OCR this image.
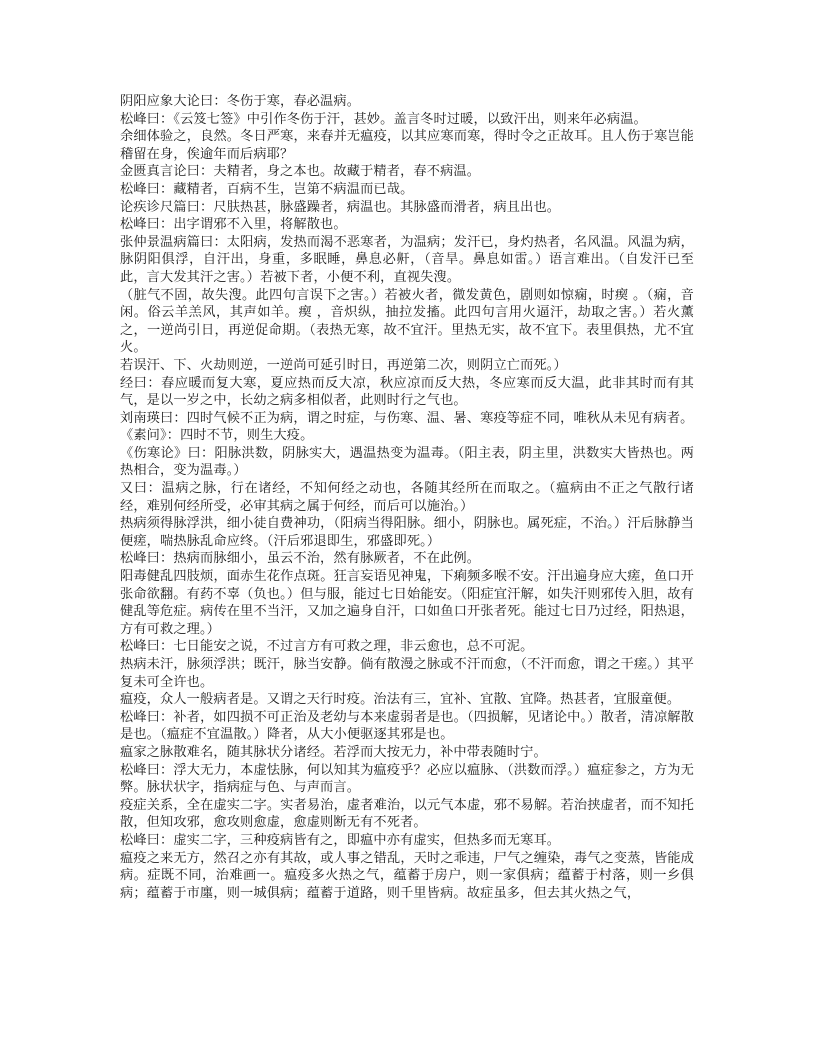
阴阳应象大论曰：冬伤于寒，春必温病。

松峰曰：《云笈七签》中引作冬伤于汗，甚妙。盖言冬时过暖，以致汗出，则来年必病温。

余细体验之，良然。冬日严寒，来春并无瘟疫，以其应寒而寒，得时令之正故耳。且人伤于寒岂能稽留在身，俟逾年而后病耶？

金匮真言论曰：夫精者，身之本也。故藏于精者，春不病温。

松峰曰：藏精者，百病不生，岂第不病温而已哉。

论疾诊尺篇曰：尺肤热甚，脉盛躁者，病温也。其脉盛而滑者，病且出也。

松峰曰：出字谓邪不入里，将解散也。

张仲景温病篇曰：太阳病，发热而渴不恶寒者，为温病；发汗已，身灼热者，名风温。风温为病，脉阴阳俱浮，自汗出，身重，多眠睡，鼻息必鼾，（音旱。鼻息如雷。）语言难出。（自发汗已至此，言大发其汗之害。）若被下者，小便不利，直视失溲。

（脏气不固，故失溲。此四句言误下之害。）若被火者，微发黄色，剧则如惊痫，时瘈 。（痫，音闲。俗云羊羔风，其声如羊。瘈 ，音炽纵，抽拉发搐。此四句言用火逼汗，劫取之害。）若火薰之，一逆尚引日，再逆促命期。（表热无寒，故不宜汗。里热无实，故不宜下。表里俱热，尤不宜火。

若误汗、下、火劫则逆，一逆尚可延引时日，再逆第二次，则阴立亡而死。）

经曰：春应暖而复大寒，夏应热而反大凉，秋应凉而反大热，冬应寒而反大温，此非其时而有其气，是以一岁之中，长幼之病多相似者，此则时行之气也。

刘南瑛曰：四时气候不正为病，谓之时症，与伤寒、温、暑、寒疫等症不同，唯秋从未见有病者。

《素问》：四时不节，则生大疫。

《伤寒论》曰：阳脉洪数，阴脉实大，遇温热变为温毒。（阳主表，阴主里，洪数实大皆热也。两热相合，变为温毒。）

又曰：温病之脉，行在诸经，不知何经之动也，各随其经所在而取之。（瘟病由不正之气散行诸经，难别何经所受，必审其病之属于何经，而后可以施治。）

热病须得脉浮洪，细小徒自费神功，（阳病当得阳脉。细小，阴脉也。属死症，不治。）汗后脉静当便瘥，喘热脉乱命应终。（汗后邪退即生，邪盛即死。）

松峰曰：热病而脉细小，虽云不治，然有脉厥者，不在此例。

阳毒健乱四肢烦，面赤生花作点斑。狂言妄语见神鬼，下痢频多喉不安。汗出遍身应大瘥，鱼口开张命欲翻。有药不辜（负也。）但与服，能过七日始能安。（阳症宜汗解，如失汗则邪传入胆，故有健乱等危症。病传在里不当汗，又加之遍身自汗，口如鱼口开张者死。能过七日乃过经，阳热退，方有可救之理。）

松峰曰：七日能安之说，不过言方有可救之理，非云愈也，总不可泥。

热病未汗，脉须浮洪；既汗，脉当安静。倘有散漫之脉或不汗而愈，（不汗而愈，谓之干瘥。）其平复未可全许也。

瘟疫，众人一般病者是。又谓之天行时疫。治法有三，宜补、宜散、宜降。热甚者，宜服童便。

松峰曰：补者，如四损不可正治及老幼与本来虚弱者是也。（四损解，见诸论中。）散者，清凉解散是也。（瘟症不宜温散。）降者，从大小便驱逐其邪是也。

瘟家之脉散难名，随其脉状分诸经。若浮而大按无力，补中带表随时宁。

松峰曰：浮大无力，本虚怯脉，何以知其为瘟疫乎？必应以瘟脉、（洪数而浮。）瘟症参之，方为无弊。脉状状字，指病症与色、与声而言。

疫症关系，全在虚实二字。实者易治，虚者难治，以元气本虚，邪不易解。若治挟虚者，而不知托散，但知攻邪，愈攻则愈虚，愈虚则断无有不死者。

松峰曰：虚实二字，三种疫病皆有之，即瘟中亦有虚实，但热多而无寒耳。

瘟疫之来无方，然召之亦有其故，或人事之错乱，天时之乖违，尸气之缠染，毒气之变蒸，皆能成病。症既不同，治难画一。瘟疫多火热之气，蕴蓄于房户，则一家俱病；蕴蓄于村落，则一乡俱病；蕴蓄于市廛，则一城俱病；蕴蓄于道路，则千里皆病。故症虽多，但去其火热之气，
